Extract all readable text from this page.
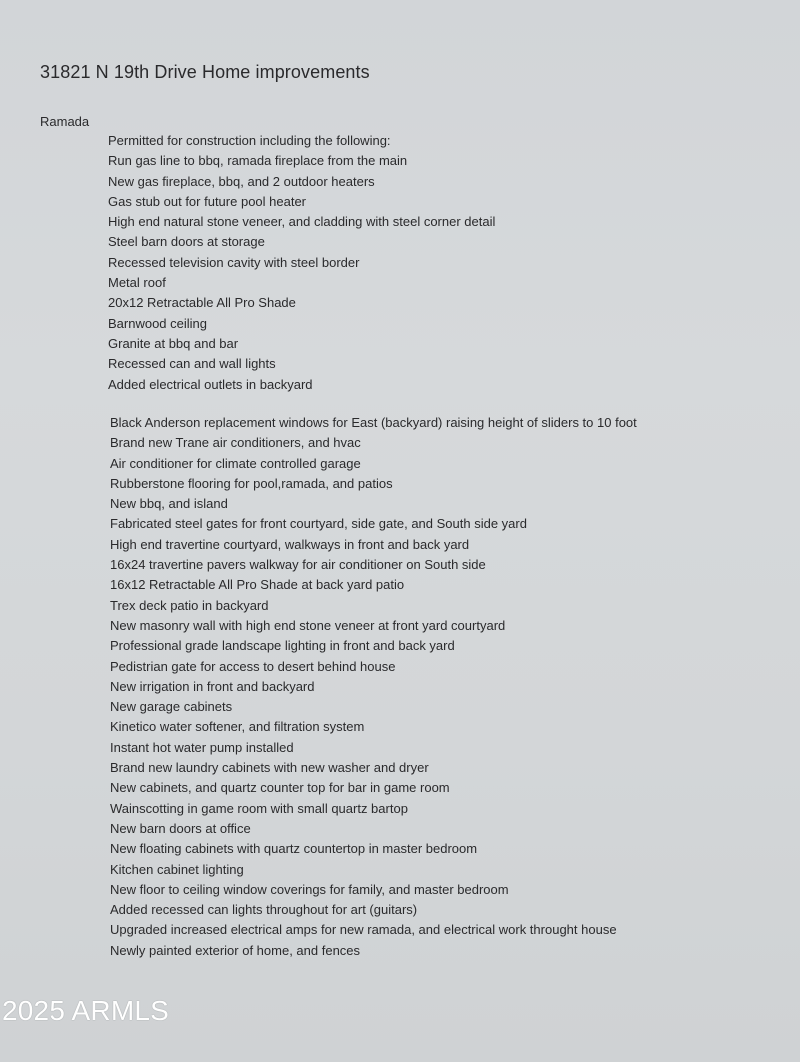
31821 N 19th Drive Home improvements
Ramada
Permitted for construction including the following:
Run gas line to bbq, ramada fireplace from the main
New gas fireplace, bbq, and 2 outdoor heaters
Gas stub out for future pool heater
High end natural stone veneer, and cladding with steel corner detail
Steel barn doors at storage
Recessed television cavity with steel border
Metal roof
20x12 Retractable All Pro Shade
Barnwood ceiling
Granite at bbq and bar
Recessed can and wall lights
Added electrical outlets in backyard
Black Anderson replacement windows for East (backyard) raising height of sliders to 10 foot
Brand new Trane air conditioners, and hvac
Air conditioner for climate controlled garage
Rubberstone flooring for pool,ramada, and patios
New bbq, and island
Fabricated steel gates for front courtyard, side gate, and South side yard
High end travertine courtyard, walkways in front and back yard
16x24 travertine pavers walkway for air conditioner on South side
16x12 Retractable All Pro Shade at back yard patio
Trex deck patio in backyard
New masonry wall with high end stone veneer at front yard courtyard
Professional grade landscape lighting in front and back yard
Pedistrian gate for access to desert behind house
New irrigation in front and backyard
New garage cabinets
Kinetico water softener, and filtration system
Instant hot water pump installed
Brand new laundry cabinets with new washer and dryer
New cabinets, and quartz counter top for bar in game room
Wainscotting in game room with small quartz bartop
New barn doors at office
New floating cabinets with quartz countertop in master bedroom
Kitchen cabinet lighting
New floor to ceiling window coverings for family, and master bedroom
Added recessed can lights throughout for art (guitars)
Upgraded increased electrical amps for new ramada, and electrical work throught house
Newly painted exterior of home, and fences
2025 ARMLS
